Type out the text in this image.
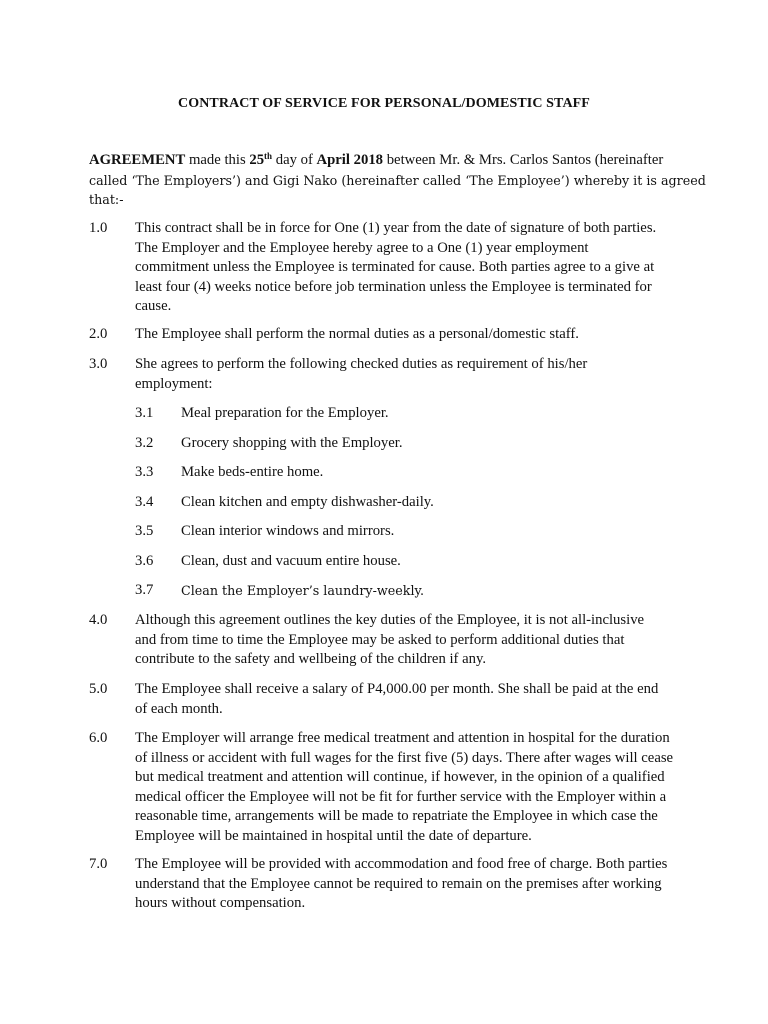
CONTRACT OF SERVICE FOR PERSONAL/DOMESTIC STAFF
AGREEMENT made this 25th day of April 2018 between Mr. & Mrs. Carlos Santos (hereinafter
called ‘The Employers’) and Gigi Nako (hereinafter called ‘The Employee’) whereby it is agreed
that:-
1.0 This contract shall be in force for One (1) year from the date of signature of both parties.
The Employer and the Employee hereby agree to a One (1) year employment
commitment unless the Employee is terminated for cause. Both parties agree to a give at
least four (4) weeks notice before job termination unless the Employee is terminated for
cause.
2.0 The Employee shall perform the normal duties as a personal/domestic staff.
3.0 She agrees to perform the following checked duties as requirement of his/her
employment:
3.1 Meal preparation for the Employer.
3.2 Grocery shopping with the Employer.
3.3 Make beds-entire home.
3.4 Clean kitchen and empty dishwasher-daily.
3.5 Clean interior windows and mirrors.
3.6 Clean, dust and vacuum entire house.
3.7 Clean the Employer’s laundry-weekly.
4.0 Although this agreement outlines the key duties of the Employee, it is not all-inclusive
and from time to time the Employee may be asked to perform additional duties that
contribute to the safety and wellbeing of the children if any.
5.0 The Employee shall receive a salary of P4,000.00 per month. She shall be paid at the end
of each month.
6.0 The Employer will arrange free medical treatment and attention in hospital for the duration
of illness or accident with full wages for the first five (5) days. There after wages will cease
but medical treatment and attention will continue, if however, in the opinion of a qualified
medical officer the Employee will not be fit for further service with the Employer within a
reasonable time, arrangements will be made to repatriate the Employee in which case the
Employee will be maintained in hospital until the date of departure.
7.0 The Employee will be provided with accommodation and food free of charge. Both parties
understand that the Employee cannot be required to remain on the premises after working
hours without compensation.
